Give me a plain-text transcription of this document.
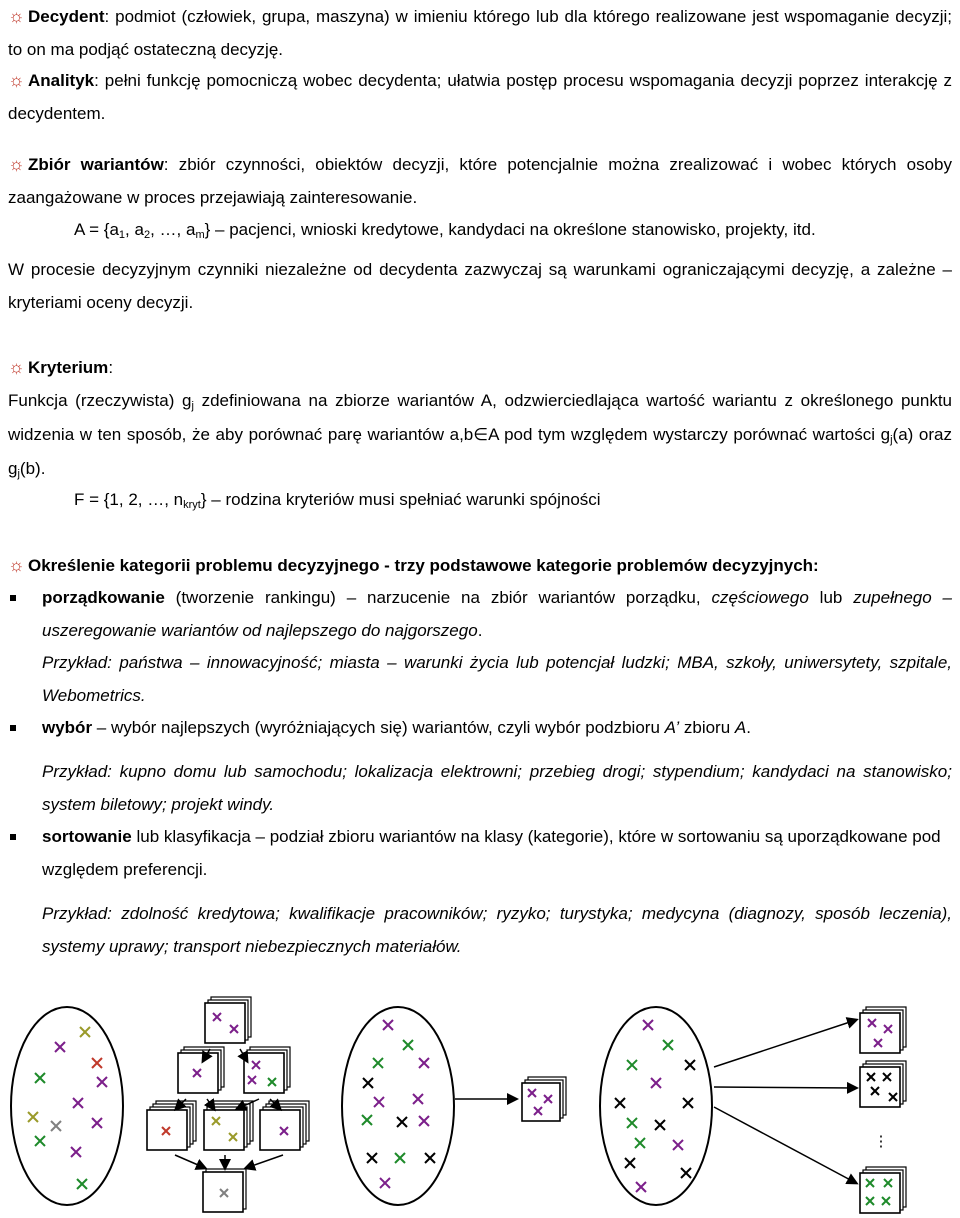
☼ Decydent: podmiot (człowiek, grupa, maszyna) w imieniu którego lub dla którego realizowane jest wspomaganie decyzji; to on ma podjąć ostateczną decyzję.

☼ Analityk: pełni funkcję pomocniczą wobec decydenta; ułatwia postęp procesu wspomagania decyzji poprzez interakcję z decydentem.

☼ Zbiór wariantów: zbiór czynności, obiektów decyzji, które potencjalnie można zrealizować i wobec których osoby zaangażowane w proces przejawiają zainteresowanie.

A = {a1, a2, …, am} – pacjenci, wnioski kredytowe, kandydaci na określone stanowisko, projekty, itd.

W procesie decyzyjnym czynniki niezależne od decydenta zazwyczaj są warunkami ograniczającymi decyzję, a zależne – kryteriami oceny decyzji.

☼ Kryterium:

Funkcja (rzeczywista) gj zdefiniowana na zbiorze wariantów A, odzwierciedlająca wartość wariantu z określonego punktu widzenia w ten sposób, że aby porównać parę wariantów a,b∈A pod tym względem wystarczy porównać wartości gj(a) oraz gj(b).

F = {1, 2, …, nkryt} – rodzina kryteriów musi spełniać warunki spójności

☼ Określenie kategorii problemu decyzyjnego - trzy podstawowe kategorie problemów decyzyjnych:

porządkowanie (tworzenie rankingu) – narzucenie na zbiór wariantów porządku, częściowego lub zupełnego – uszeregowanie wariantów od najlepszego do najgorszego.

Przykład: państwa – innowacyjność; miasta – warunki życia lub potencjał ludzki; MBA, szkoły, uniwersytety, szpitale, Webometrics.

wybór – wybór najlepszych (wyróżniających się) wariantów, czyli wybór podzbioru A’ zbioru A.

Przykład: kupno domu lub samochodu; lokalizacja elektrowni; przebieg drogi; stypendium; kandydaci na stanowisko; system biletowy; projekt windy.

sortowanie lub klasyfikacja – podział zbioru wariantów na klasy (kategorie), które w sortowaniu są uporządkowane pod względem preferencji.

Przykład: zdolność kredytowa; kwalifikacje pracowników; ryzyko; turystyka; medycyna (diagnozy, sposób leczenia), systemy uprawy; transport niebezpiecznych materiałów.

⋮
